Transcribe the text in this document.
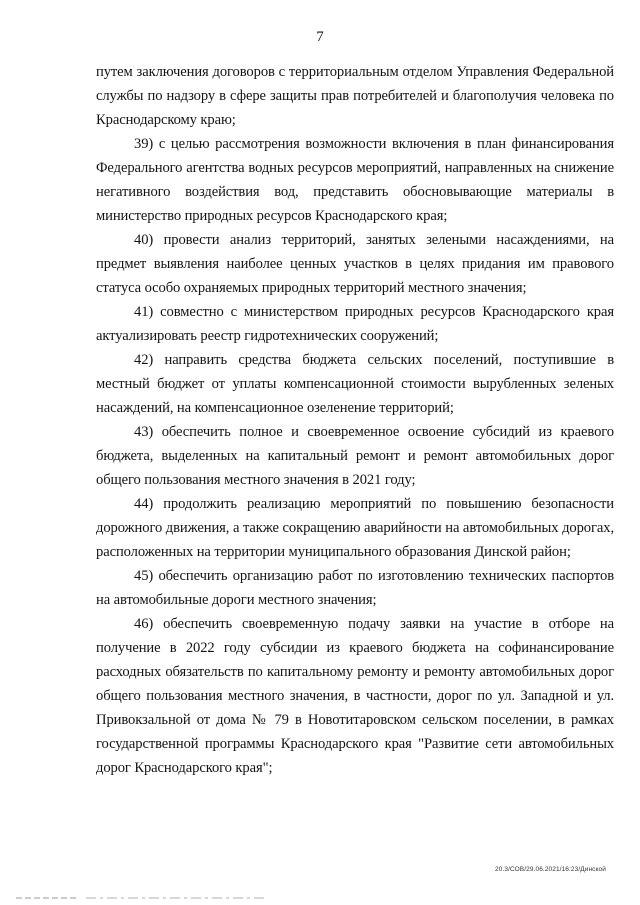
7

путем заключения договоров с территориальным отделом Управления Федеральной службы по надзору в сфере защиты прав потребителей и благополучия человека по Краснодарскому краю;

39) с целью рассмотрения возможности включения в план финансирования Федерального агентства водных ресурсов мероприятий, направленных на снижение негативного воздействия вод, представить обосновывающие материалы в министерство природных ресурсов Краснодарского края;

40) провести анализ территорий, занятых зелеными насаждениями, на предмет выявления наиболее ценных участков в целях придания им правового статуса особо охраняемых природных территорий местного значения;

41) совместно с министерством природных ресурсов Краснодарского края актуализировать реестр гидротехнических сооружений;

42) направить средства бюджета сельских поселений, поступившие в местный бюджет от уплаты компенсационной стоимости вырубленных зеленых насаждений, на компенсационное озеленение территорий;

43) обеспечить полное и своевременное освоение субсидий из краевого бюджета, выделенных на капитальный ремонт и ремонт автомобильных дорог общего пользования местного значения в 2021 году;

44) продолжить реализацию мероприятий по повышению безопасности дорожного движения, а также сокращению аварийности на автомобильных дорогах, расположенных на территории муниципального образования Динской район;

45) обеспечить организацию работ по изготовлению технических паспортов на автомобильные дороги местного значения;

46) обеспечить своевременную подачу заявки на участие в отборе на получение в 2022 году субсидии из краевого бюджета на софинансирование расходных обязательств по капитальному ремонту и ремонту автомобильных дорог общего пользования местного значения, в частности, дорог по ул. Западной и ул. Привокзальной от дома № 79 в Новотитаровском сельском поселении, в рамках государственной программы Краснодарского края "Развитие сети автомобильных дорог Краснодарского края";

20.3/СОВ/29.06.2021/16:23/Динской
